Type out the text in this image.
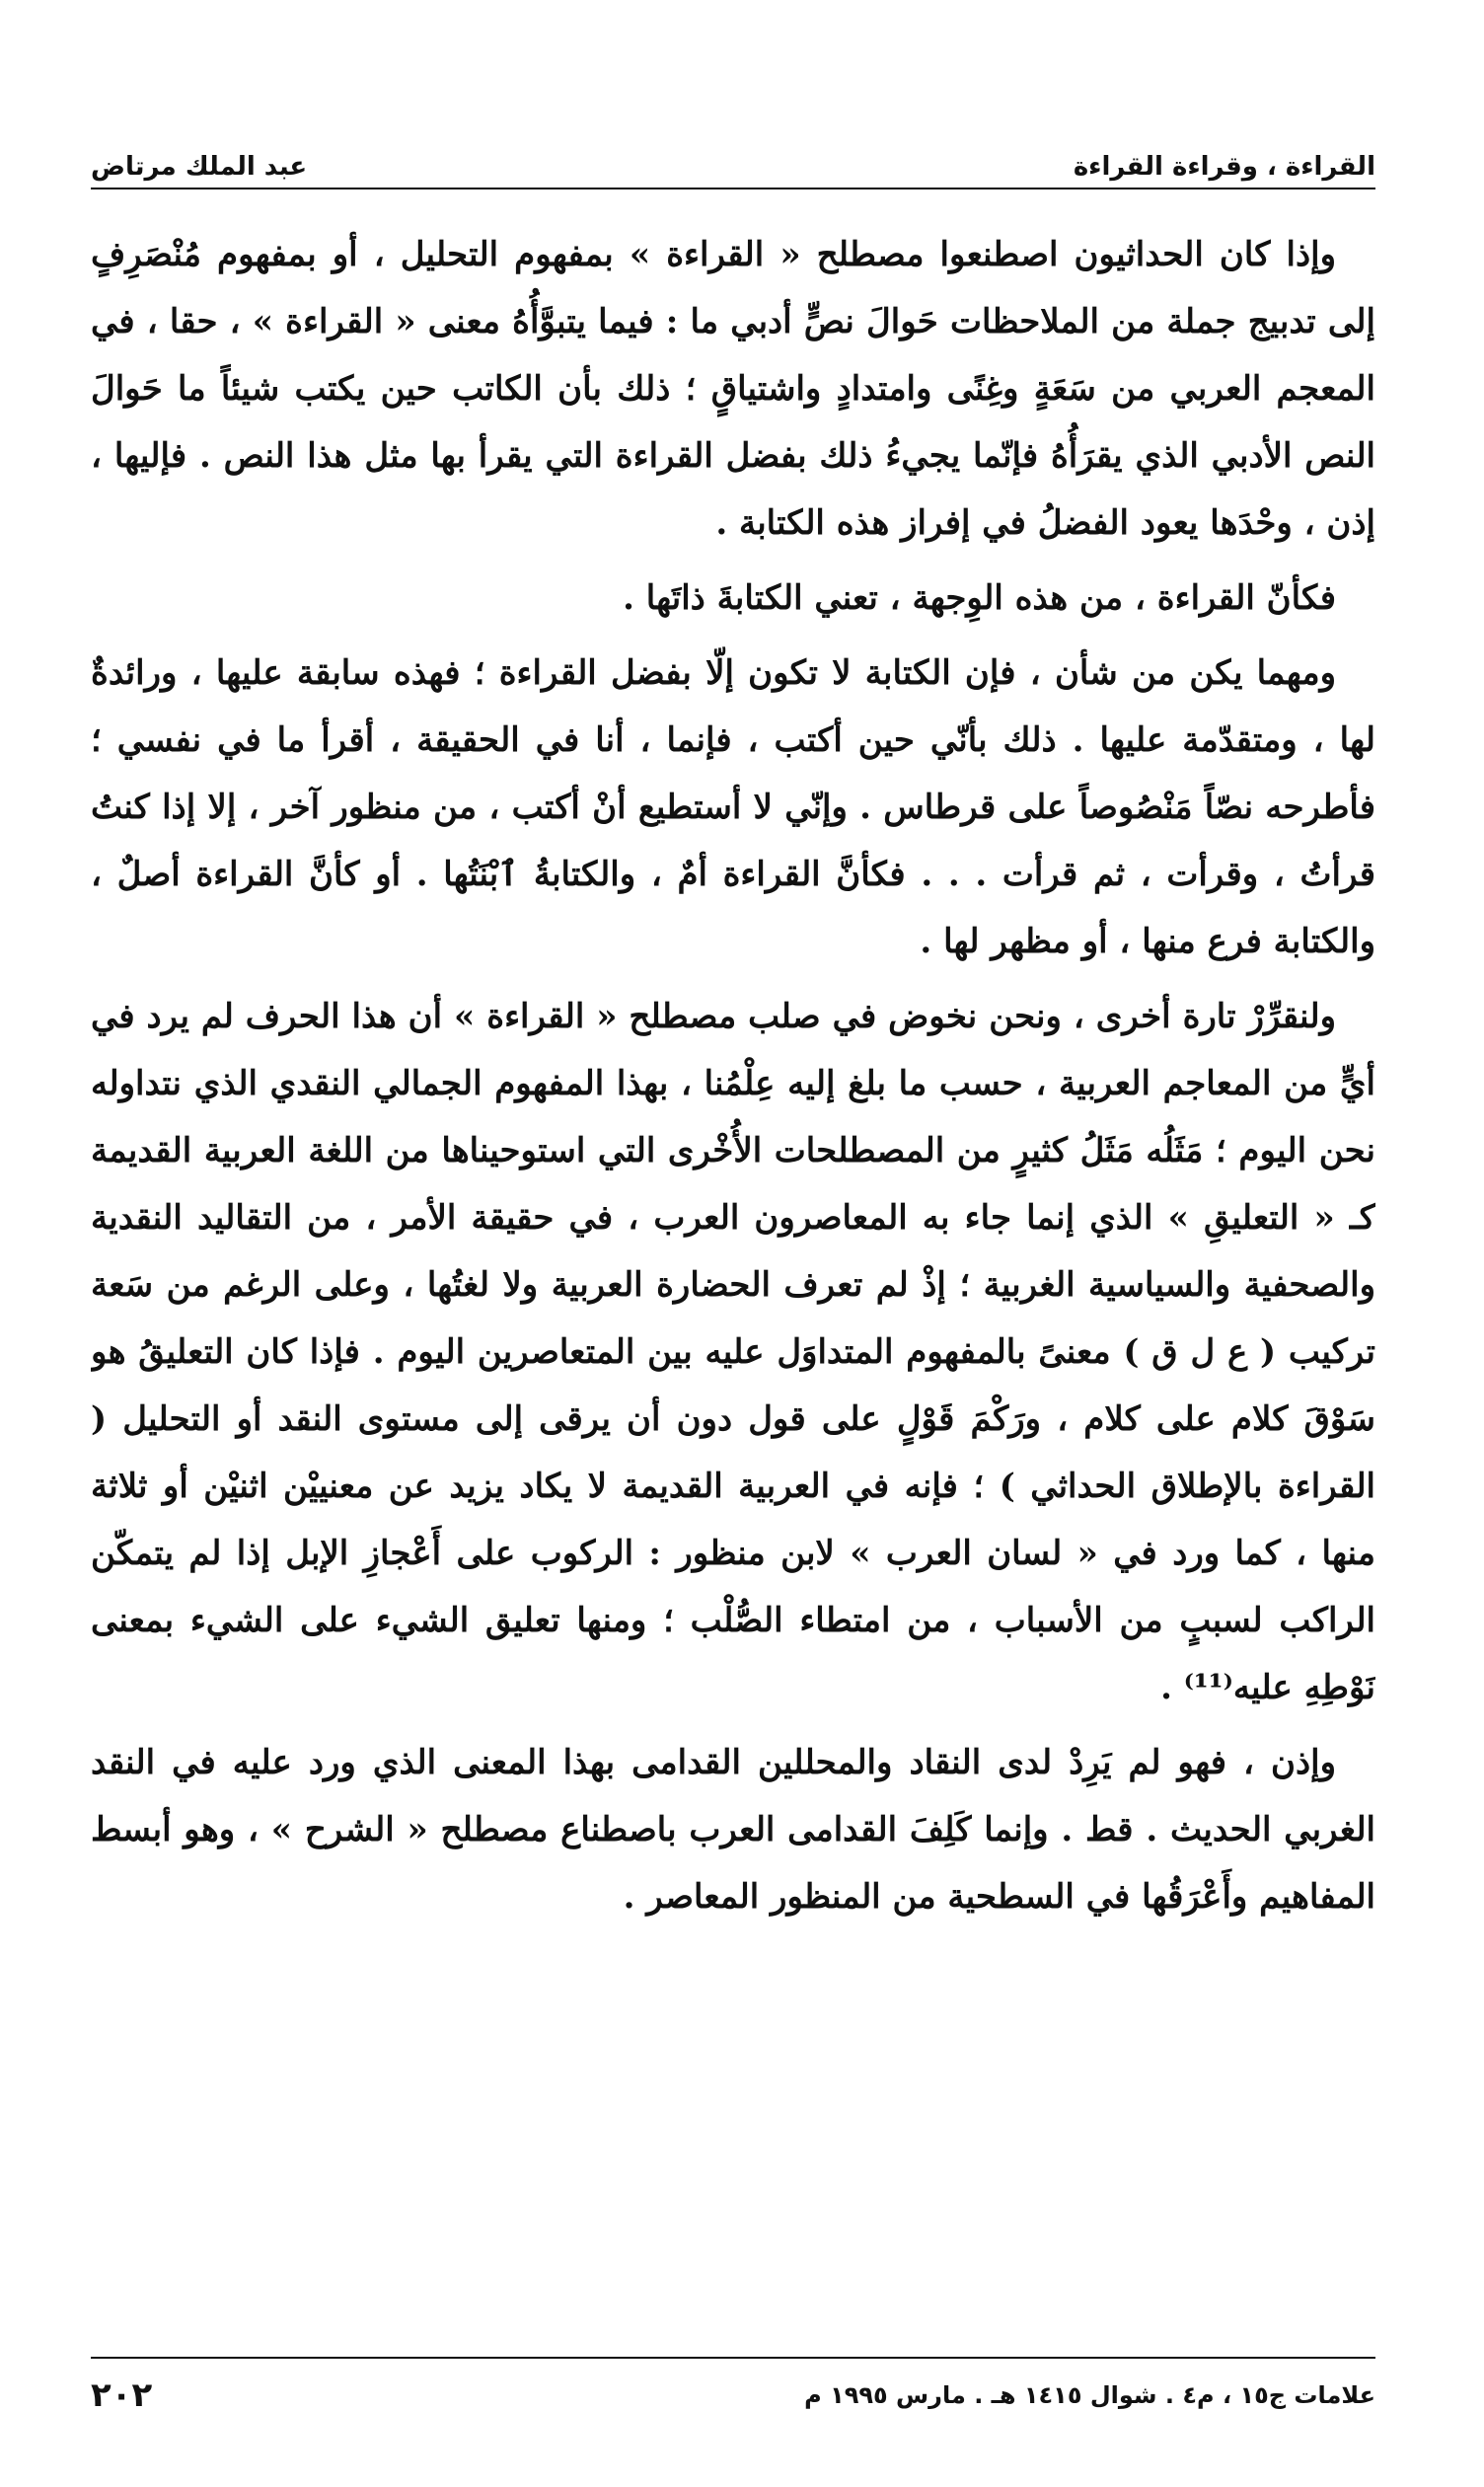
القراءة ، وقراءة القراءة
عبد الملك مرتاض

وإذا كان الحداثيون اصطنعوا مصطلح « القراءة » بمفهوم التحليل ، أو بمفهوم مُنْصَرِفٍ إلى تدبيج جملة من الملاحظات حَوالَ نصٍّ أدبي ما : فيما يتبوَّأُهُ معنى « القراءة » ، حقا ، في المعجم العربي من سَعَةٍ وغِنًى وامتدادٍ واشتياقٍ ؛ ذلك بأن الكاتب حين يكتب شيئاً ما حَوالَ النص الأدبي الذي يقرَأُهُ فإنّما يجيءُ ذلك بفضل القراءة التي يقرأ بها مثل هذا النص . فإليها ، إذن ، وحْدَها يعود الفضلُ في إفراز هذه الكتابة .

فكأنّ القراءة ، من هذه الوِجهة ، تعني الكتابةَ ذاتَها .

ومهما يكن من شأن ، فإن الكتابة لا تكون إلّا بفضل القراءة ؛ فهذه سابقة عليها ، ورائدةٌ لها ، ومتقدّمة عليها . ذلك بأنّي حين أكتب ، فإنما ، أنا في الحقيقة ، أقرأ ما في نفسي ؛ فأطرحه نصّاً مَنْصُوصاً على قرطاس . وإنّي لا أستطيع أنْ أكتب ، من منظور آخر ، إلا إذا كنتُ قرأتُ ، وقرأت ، ثم قرأت . . . فكأنَّ القراءة أمٌ ، والكتابةُ ٱبْنَتُها . أو كأنَّ القراءة أصلٌ ، والكتابة فرع منها ، أو مظهر لها .

ولنقرِّرْ تارة أخرى ، ونحن نخوض في صلب مصطلح « القراءة » أن هذا الحرف لم يرد في أيٍّ من المعاجم العربية ، حسب ما بلغ إليه عِلْمُنا ، بهذا المفهوم الجمالي النقدي الذي نتداوله نحن اليوم ؛ مَثَلُه مَثَلُ كثيرٍ من المصطلحات الأُخْرى التي استوحيناها من اللغة العربية القديمة كـ « التعليقِ » الذي إنما جاء به المعاصرون العرب ، في حقيقة الأمر ، من التقاليد النقدية والصحفية والسياسية الغربية ؛ إذْ لم تعرف الحضارة العربية ولا لغتُها ، وعلى الرغم من سَعة تركيب ( ع ل ق ) معنىً بالمفهوم المتداوَل عليه بين المتعاصرين اليوم . فإذا كان التعليقُ هو سَوْقَ كلام على كلام ، ورَكْمَ قَوْلٍ على قول دون أن يرقى إلى مستوى النقد أو التحليل ( القراءة بالإطلاق الحداثي ) ؛ فإنه في العربية القديمة لا يكاد يزيد عن معنييْن اثنيْن أو ثلاثة منها ، كما ورد في « لسان العرب » لابن منظور : الركوب على أَعْجازِ الإبل إذا لم يتمكّن الراكب لسببٍ من الأسباب ، من امتطاء الصُّلْب ؛ ومنها تعليق الشيء على الشيء بمعنى نَوْطِهِ عليه⁽¹¹⁾ .

وإذن ، فهو لم يَرِدْ لدى النقاد والمحللين القدامى بهذا المعنى الذي ورد عليه في النقد الغربي الحديث . قط . وإنما كَلِفَ القدامى العرب باصطناع مصطلح « الشرح » ، وهو أبسط المفاهيم وأَعْرَقُها في السطحية من المنظور المعاصر .

علامات ج١٥ ، م٤ . شوال ١٤١٥ هـ . مارس ١٩٩٥ م
٢٠٢
